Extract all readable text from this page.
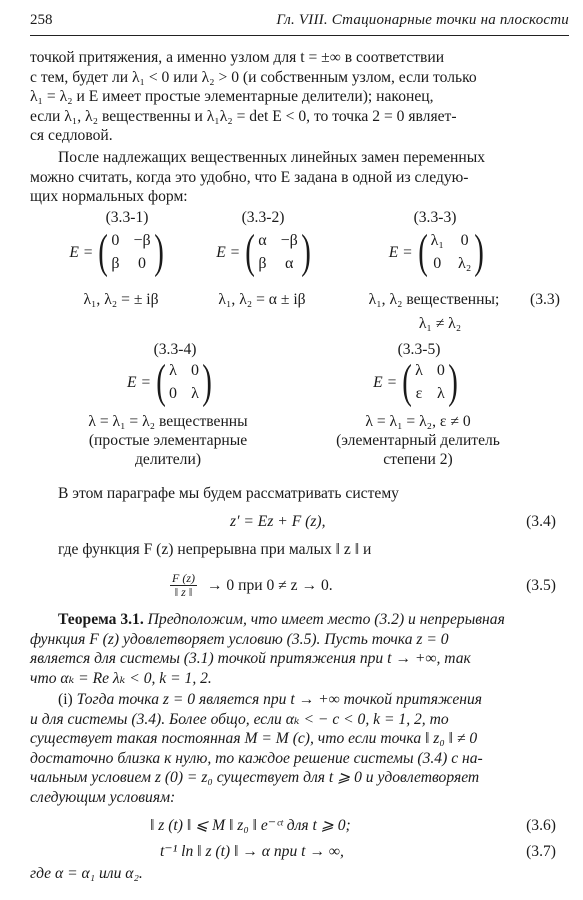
258	Гл. VIII. Стационарные точки на плоскости

точкой притяжения, а именно узлом для t = ±∞ в соответствии

с тем, будет ли λ₁ < 0 или λ₂ > 0 (и собственным узлом, если только

λ₁ = λ₂ и E имеет простые элементарные делители); наконец,

если λ₁, λ₂ вещественны и λ₁λ₂ = det E < 0, то точка 2 = 0 являет-

ся седловой.

После надлежащих вещественных линейных замен переменных

можно считать, когда это удобно, что E задана в одной из следую-

щих нормальных форм:

(3.3-1)	(3.3-2)	(3.3-3)
E = ( 0 −β
β 0 )	E = ( α −β
β α )	E = ( λ₁ 0
0 λ₂ )
λ₁, λ₂ = ± iβ	λ₁, λ₂ = α ± iβ	λ₁, λ₂ вещественны;	(3.3)
λ₁ ≠ λ₂
(3.3-4)	(3.3-5)
E = ( λ 0
0 λ )	E = ( λ 0
ε λ )
λ = λ₁ = λ₂ вещественны
(простые элементарные
делители)
λ = λ₁ = λ₂, ε ≠ 0
(элементарный делитель
степени 2)

В этом параграфе мы будем рассматривать систему

z′ = Ez + F (z),	(3.4)

где функция F (z) непрерывна при малых ‖ z ‖ и

$\frac{F (z)}{‖ z ‖} \to 0$ при 0 ≠ z → 0.	(3.5)

Теорема 3.1. Предположим, что имеет место (3.2) и непрерывная

функция F (z) удовлетворяет условию (3.5). Пусть точка z = 0

является для системы (3.1) точкой притяжения при t → +∞, так

что αₖ = Re λₖ < 0, k = 1, 2.

(i) Тогда точка z = 0 является при t → +∞ точкой притяжения

и для системы (3.4). Более общо, если αₖ < − c < 0, k = 1, 2, то

существует такая постоянная M = M (c), что если точка ‖ z₀ ‖ ≠ 0

достаточно близка к нулю, то каждое решение системы (3.4) с на-

чальным условием z (0) = z₀ существует для t ⩾ 0 и удовлетворяет

следующим условиям:

‖ z (t) ‖ ⩽ M ‖ z₀ ‖ e⁻ᶜᵗ для t ⩾ 0;	(3.6)
t⁻¹ ln ‖ z (t) ‖ → α при t → ∞,	(3.7)

где α = α₁ или α₂.
